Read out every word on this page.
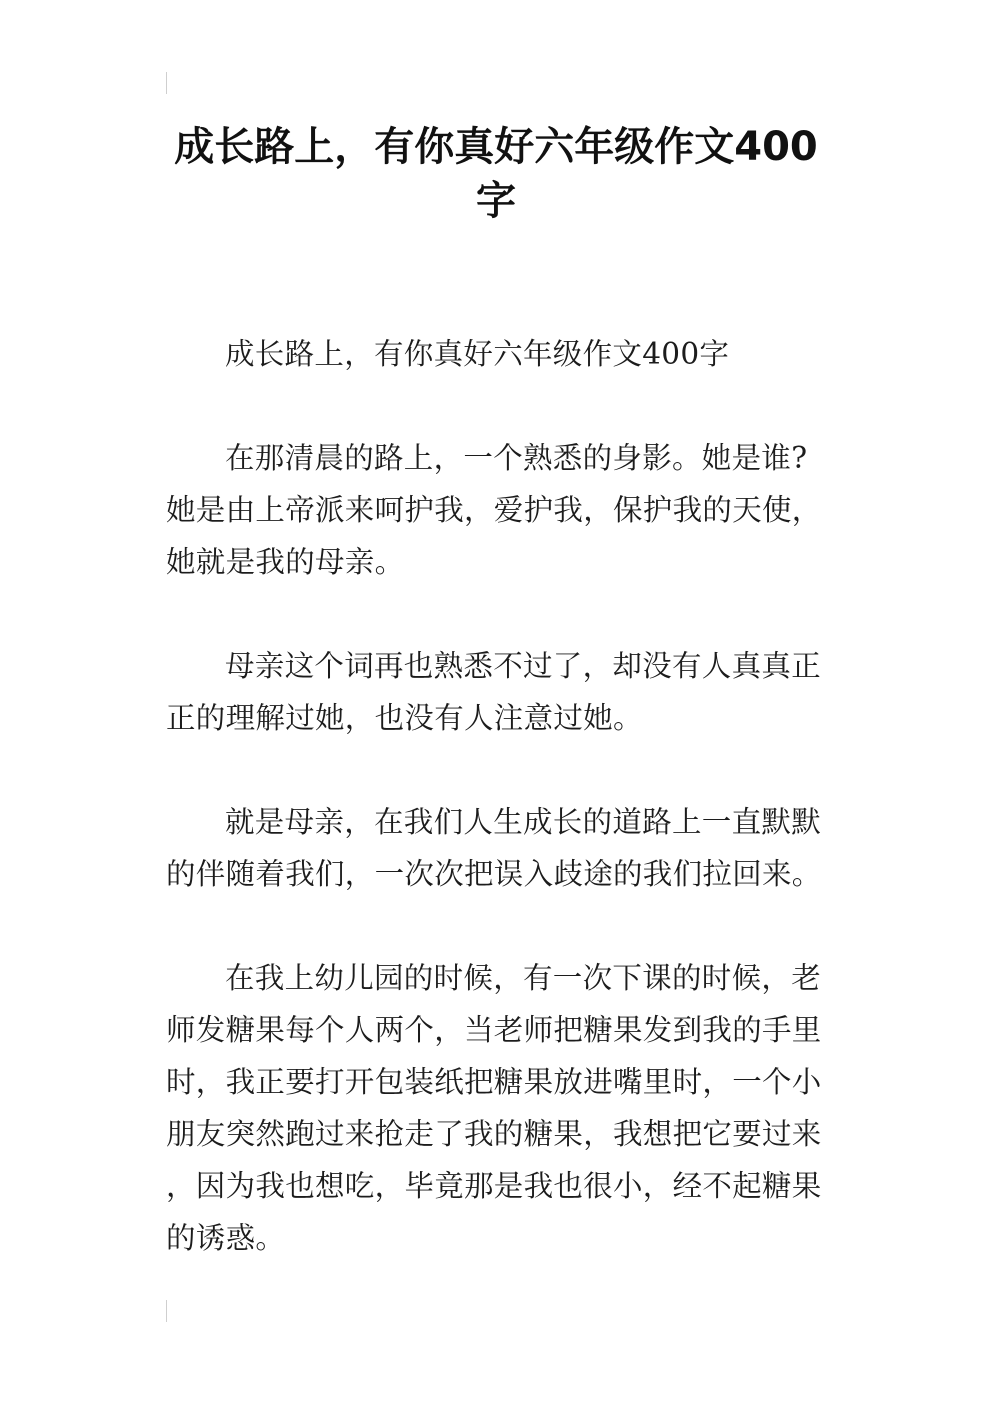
成长路上，有你真好六年级作文400字

成长路上，有你真好六年级作文400字

在那清晨的路上，一个熟悉的身影。她是谁?她是由上帝派来呵护我，爱护我，保护我的天使，她就是我的母亲。

母亲这个词再也熟悉不过了，却没有人真真正正的理解过她，也没有人注意过她。

就是母亲，在我们人生成长的道路上一直默默的伴随着我们，一次次把误入歧途的我们拉回来。

在我上幼儿园的时候，有一次下课的时候，老师发糖果每个人两个，当老师把糖果发到我的手里时，我正要打开包装纸把糖果放进嘴里时，一个小朋友突然跑过来抢走了我的糖果，我想把它要过来 ，因为我也想吃，毕竟那是我也很小，经不起糖果的诱惑。
